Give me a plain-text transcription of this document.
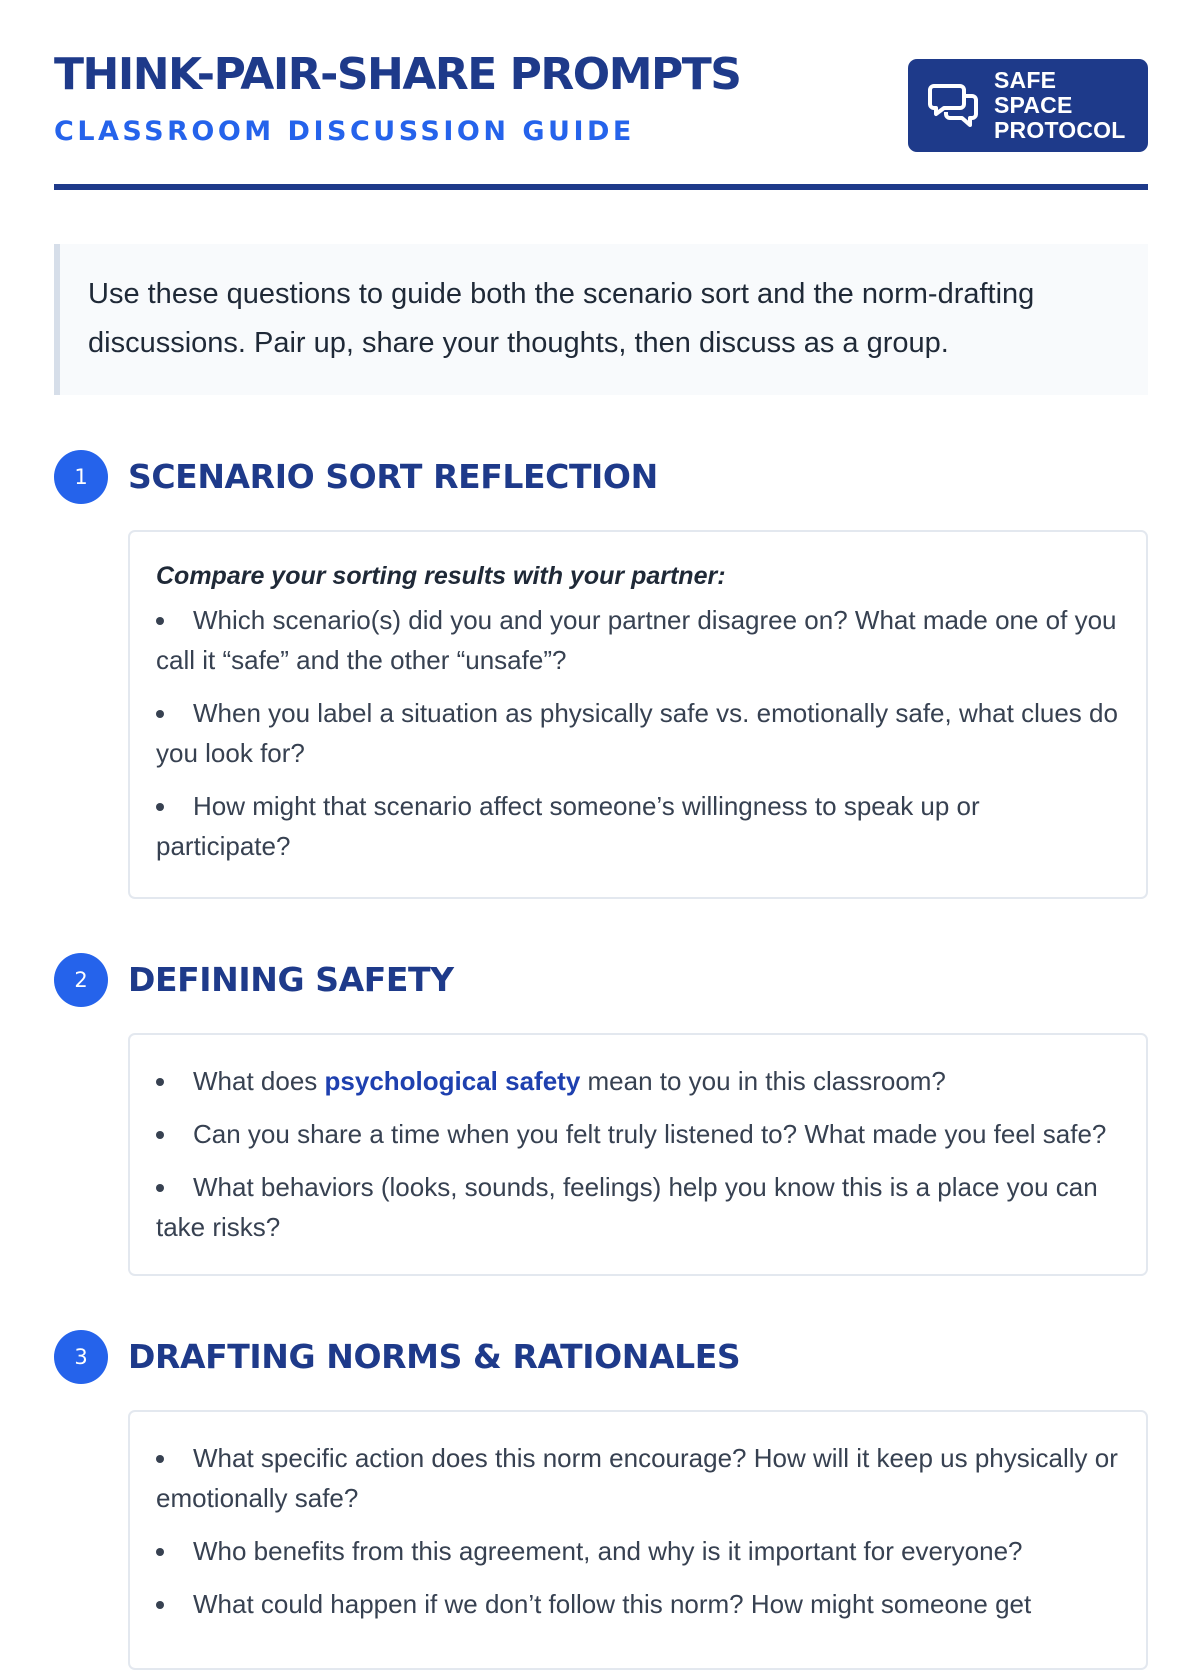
THINK-PAIR-SHARE PROMPTS
CLASSROOM DISCUSSION GUIDE
SAFE SPACE
PROTOCOL
Use these questions to guide both the scenario sort and the norm-drafting discussions. Pair up, share your thoughts, then discuss as a group.
1	SCENARIO SORT REFLECTION

Compare your sorting results with your partner:

Which scenario(s) did you and your partner disagree on? What made one of you call it “safe” and the other “unsafe”?
When you label a situation as physically safe vs. emotionally safe, what clues do you look for?
How might that scenario affect someone’s willingness to speak up or participate?
2	DEFINING SAFETY
What does psychological safety mean to you in this classroom?
Can you share a time when you felt truly listened to? What made you feel safe?
What behaviors (looks, sounds, feelings) help you know this is a place you can take risks?
3	DRAFTING NORMS & RATIONALES
What specific action does this norm encourage? How will it keep us physically or emotionally safe?
Who benefits from this agreement, and why is it important for everyone?
What could happen if we don’t follow this norm? How might someone get
